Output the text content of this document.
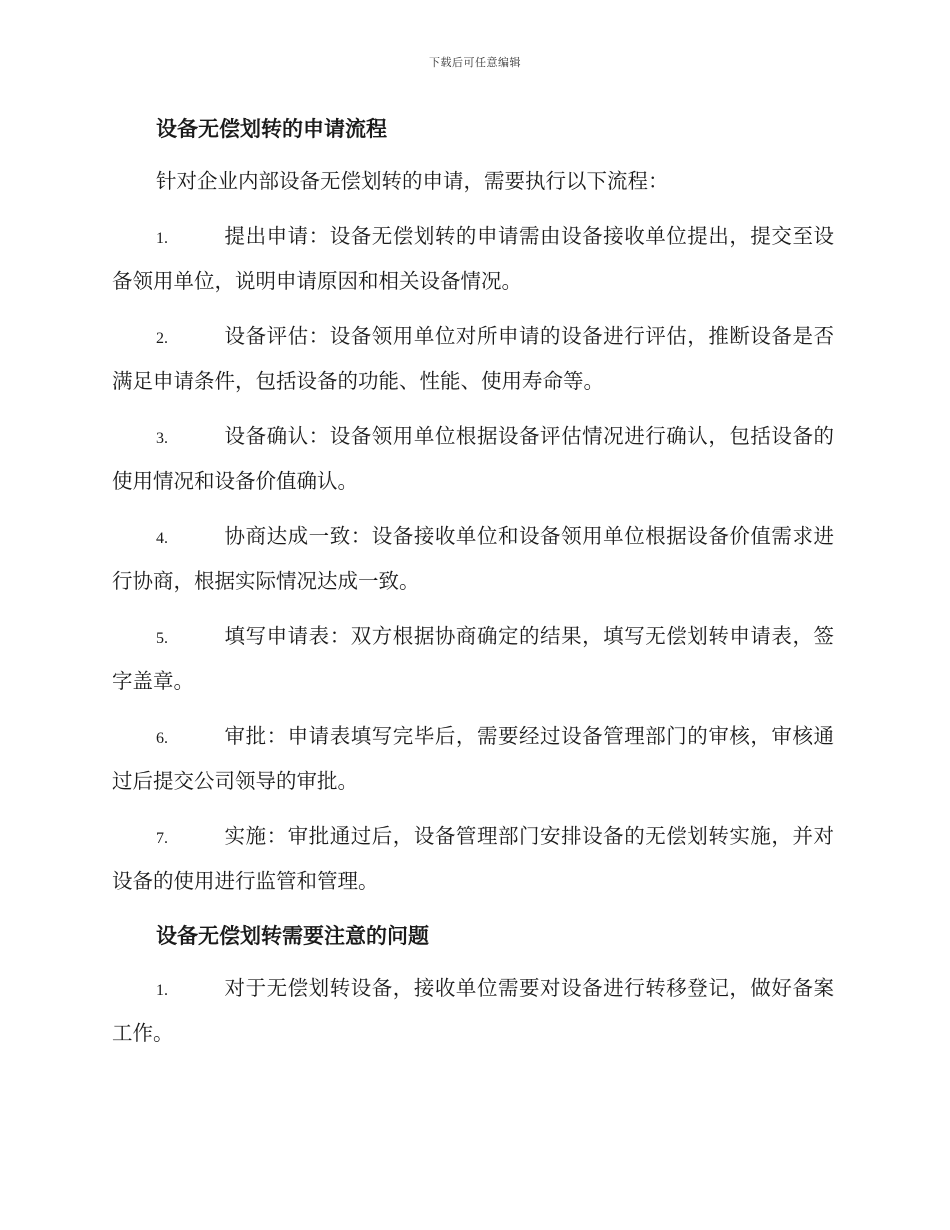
下载后可任意编辑
设备无偿划转的申请流程

针对企业内部设备无偿划转的申请，需要执行以下流程：

1.	提出申请：设备无偿划转的申请需由设备接收单位提出，提交至设备领用单位，说明申请原因和相关设备情况。
2.	设备评估：设备领用单位对所申请的设备进行评估，推断设备是否满足申请条件，包括设备的功能、性能、使用寿命等。
3.	设备确认：设备领用单位根据设备评估情况进行确认，包括设备的使用情况和设备价值确认。
4.	协商达成一致：设备接收单位和设备领用单位根据设备价值需求进行协商，根据实际情况达成一致。
5.	填写申请表：双方根据协商确定的结果，填写无偿划转申请表，签字盖章。
6.	审批：申请表填写完毕后，需要经过设备管理部门的审核，审核通过后提交公司领导的审批。
7.	实施：审批通过后，设备管理部门安排设备的无偿划转实施，并对设备的使用进行监管和管理。
设备无偿划转需要注意的问题
1.	对于无偿划转设备，接收单位需要对设备进行转移登记，做好备案工作。
